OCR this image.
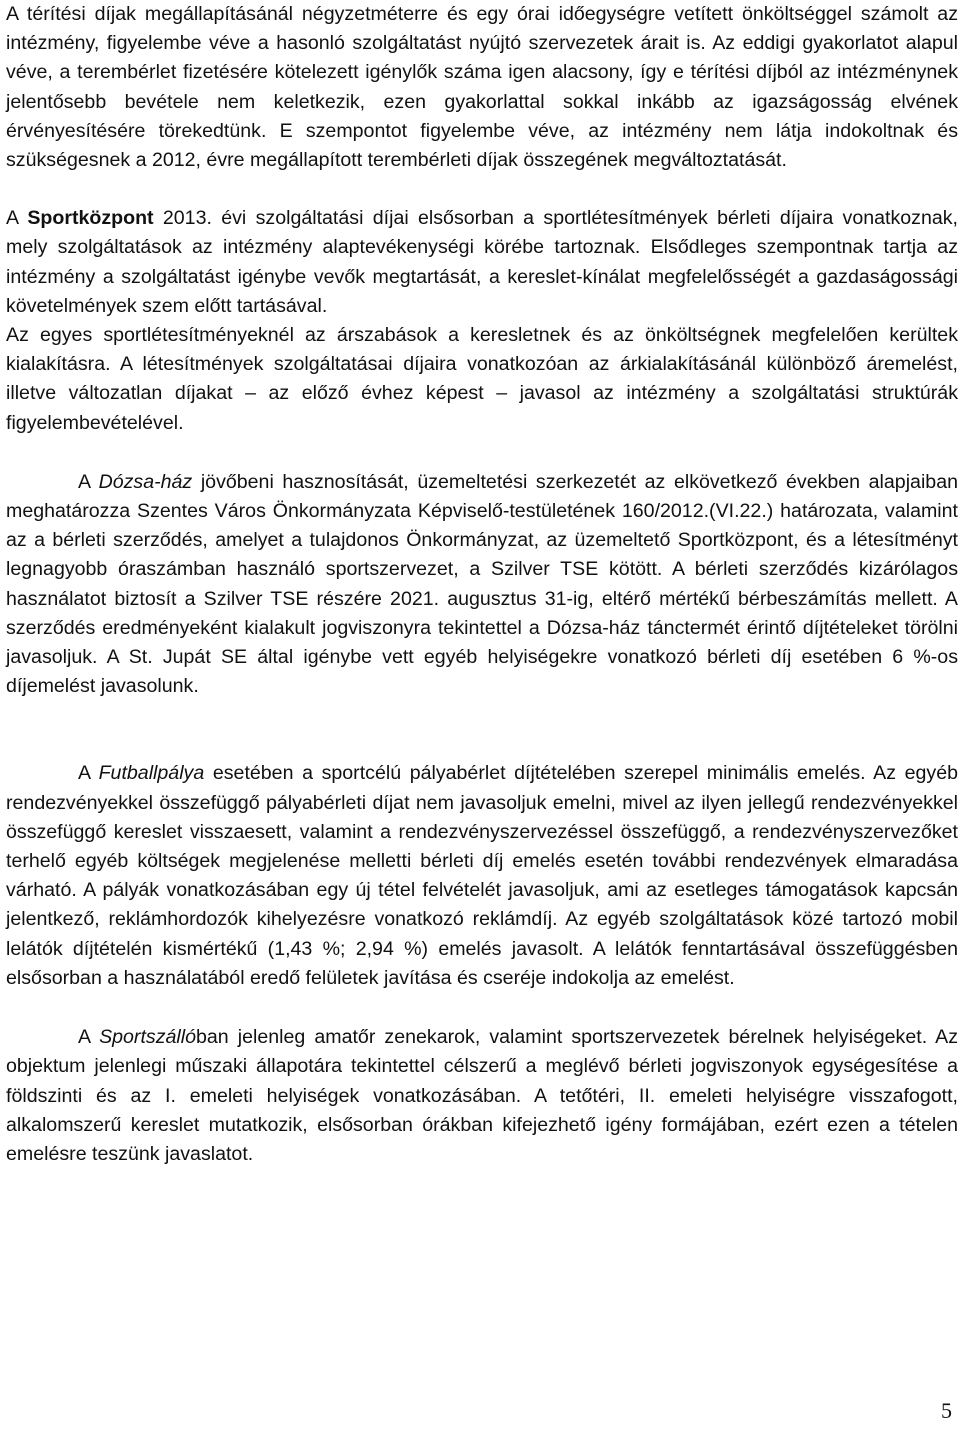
A térítési díjak megállapításánál négyzetméterre és egy órai időegységre vetített önköltséggel számolt az intézmény, figyelembe véve a hasonló szolgáltatást nyújtó szervezetek árait is. Az eddigi gyakorlatot alapul véve, a terembérlet fizetésére kötelezett igénylők száma igen alacsony, így e térítési díjból az intézménynek jelentősebb bevétele nem keletkezik, ezen gyakorlattal sokkal inkább az igazságosság elvének érvényesítésére törekedtünk. E szempontot figyelembe véve, az intézmény nem látja indokoltnak és szükségesnek a 2012, évre megállapított terembérleti díjak összegének megváltoztatását.

A Sportközpont 2013. évi szolgáltatási díjai elsősorban a sportlétesítmények bérleti díjaira vonatkoznak, mely szolgáltatások az intézmény alaptevékenységi körébe tartoznak. Elsődleges szempontnak tartja az intézmény a szolgáltatást igénybe vevők megtartását, a kereslet-kínálat megfelelősségét a gazdaságossági követelmények szem előtt tartásával.

Az egyes sportlétesítményeknél az árszabások a keresletnek és az önköltségnek megfelelően kerültek kialakításra. A létesítmények szolgáltatásai díjaira vonatkozóan az árkialakításánál különböző áremelést, illetve változatlan díjakat – az előző évhez képest – javasol az intézmény a szolgáltatási struktúrák figyelembevételével.

A Dózsa-ház jövőbeni hasznosítását, üzemeltetési szerkezetét az elkövetkező években alapjaiban meghatározza Szentes Város Önkormányzata Képviselő-testületének 160/2012.(VI.22.) határozata, valamint az a bérleti szerződés, amelyet a tulajdonos Önkormányzat, az üzemeltető Sportközpont, és a létesítményt legnagyobb óraszámban használó sportszervezet, a Szilver TSE kötött. A bérleti szerződés kizárólagos használatot biztosít a Szilver TSE részére 2021. augusztus 31-ig, eltérő mértékű bérbeszámítás mellett. A szerződés eredményeként kialakult jogviszonyra tekintettel a Dózsa-ház tánctermét érintő díjtételeket törölni javasoljuk. A St. Jupát SE által igénybe vett egyéb helyiségekre vonatkozó bérleti díj esetében 6 %-os díjemelést javasolunk.

A Futballpálya esetében a sportcélú pályabérlet díjtételében szerepel minimális emelés. Az egyéb rendezvényekkel összefüggő pályabérleti díjat nem javasoljuk emelni, mivel az ilyen jellegű rendezvényekkel összefüggő kereslet visszaesett, valamint a rendezvényszervezéssel összefüggő, a rendezvényszervezőket terhelő egyéb költségek megjelenése melletti bérleti díj emelés esetén további rendezvények elmaradása várható. A pályák vonatkozásában egy új tétel felvételét javasoljuk, ami az esetleges támogatások kapcsán jelentkező, reklámhordozók kihelyezésre vonatkozó reklámdíj. Az egyéb szolgáltatások közé tartozó mobil lelátók díjtételén kismértékű (1,43 %; 2,94 %) emelés javasolt. A lelátók fenntartásával összefüggésben elsősorban a használatából eredő felületek javítása és cseréje indokolja az emelést.

A Sportszállóban jelenleg amatőr zenekarok, valamint sportszervezetek bérelnek helyiségeket. Az objektum jelenlegi műszaki állapotára tekintettel célszerű a meglévő bérleti jogviszonyok egységesítése a földszinti és az I. emeleti helyiségek vonatkozásában. A tetőtéri, II. emeleti helyiségre visszafogott, alkalomszerű kereslet mutatkozik, elsősorban órákban kifejezhető igény formájában, ezért ezen a tételen emelésre teszünk javaslatot.

5
